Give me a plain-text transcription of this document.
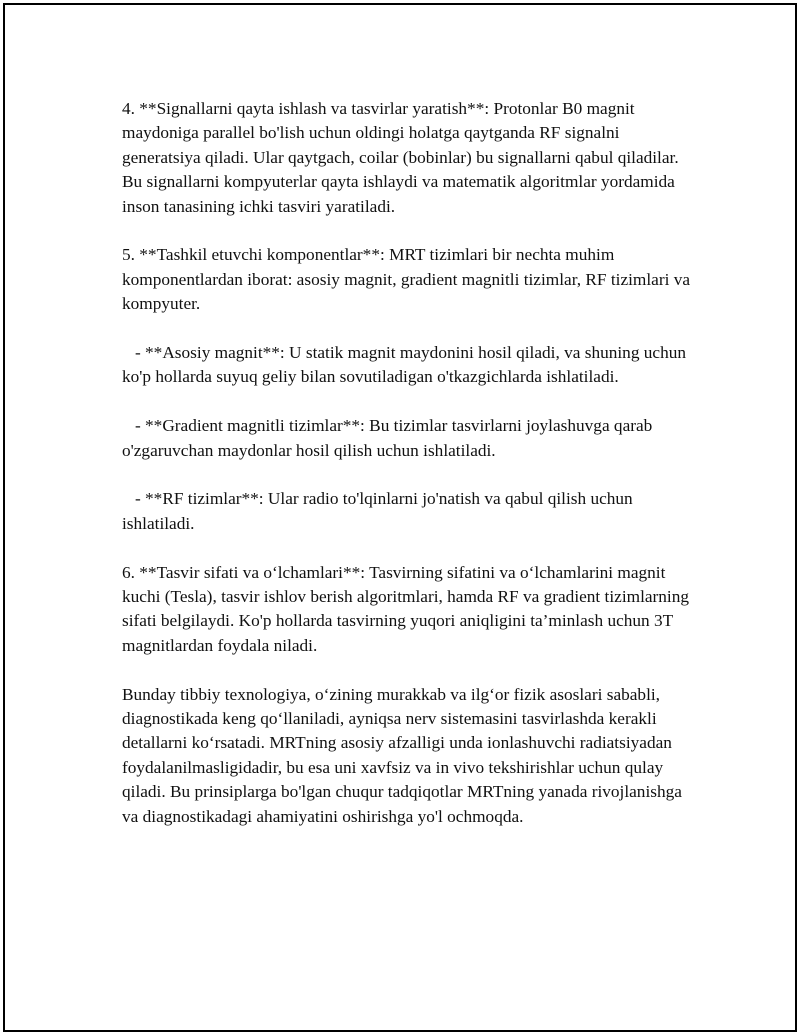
4. **Signallarni qayta ishlash va tasvirlar yaratish**: Protonlar B0 magnit maydoniga parallel bo'lish uchun oldingi holatga qaytganda RF signalni generatsiya qiladi. Ular qaytgach, coilar (bobinlar) bu signallarni qabul qiladilar. Bu signallarni kompyuterlar qayta ishlaydi va matematik algoritmlar yordamida inson tanasining ichki tasviri yaratiladi.

5. **Tashkil etuvchi komponentlar**: MRT tizimlari bir nechta muhim komponentlardan iborat: asosiy magnit, gradient magnitli tizimlar, RF tizimlari va kompyuter.

- **Asosiy magnit**: U statik magnit maydonini hosil qiladi, va shuning uchun ko'p hollarda suyuq geliy bilan sovutiladigan o'tkazgichlarda ishlatiladi.

- **Gradient magnitli tizimlar**: Bu tizimlar tasvirlarni joylashuvga qarab o'zgaruvchan maydonlar hosil qilish uchun ishlatiladi.

- **RF tizimlar**: Ular radio to'lqinlarni jo'natish va qabul qilish uchun ishlatiladi.

6. **Tasvir sifati va o‘lchamlari**: Tasvirning sifatini va o‘lchamlarini magnit kuchi (Tesla), tasvir ishlov berish algoritmlari, hamda RF va gradient tizimlarning sifati belgilaydi. Ko'p hollarda tasvirning yuqori aniqligini ta’minlash uchun 3T magnitlardan foydala niladi.

Bunday tibbiy texnologiya, o‘zining murakkab va ilg‘or fizik asoslari sababli, diagnostikada keng qo‘llaniladi, ayniqsa nerv sistemasini tasvirlashda kerakli detallarni ko‘rsatadi. MRTning asosiy afzalligi unda ionlashuvchi radiatsiyadan foydalanilmasligidadir, bu esa uni xavfsiz va in vivo tekshirishlar uchun qulay qiladi. Bu prinsiplarga bo'lgan chuqur tadqiqotlar MRTning yanada rivojlanishga va diagnostikadagi ahamiyatini oshirishga yo'l ochmoqda.
